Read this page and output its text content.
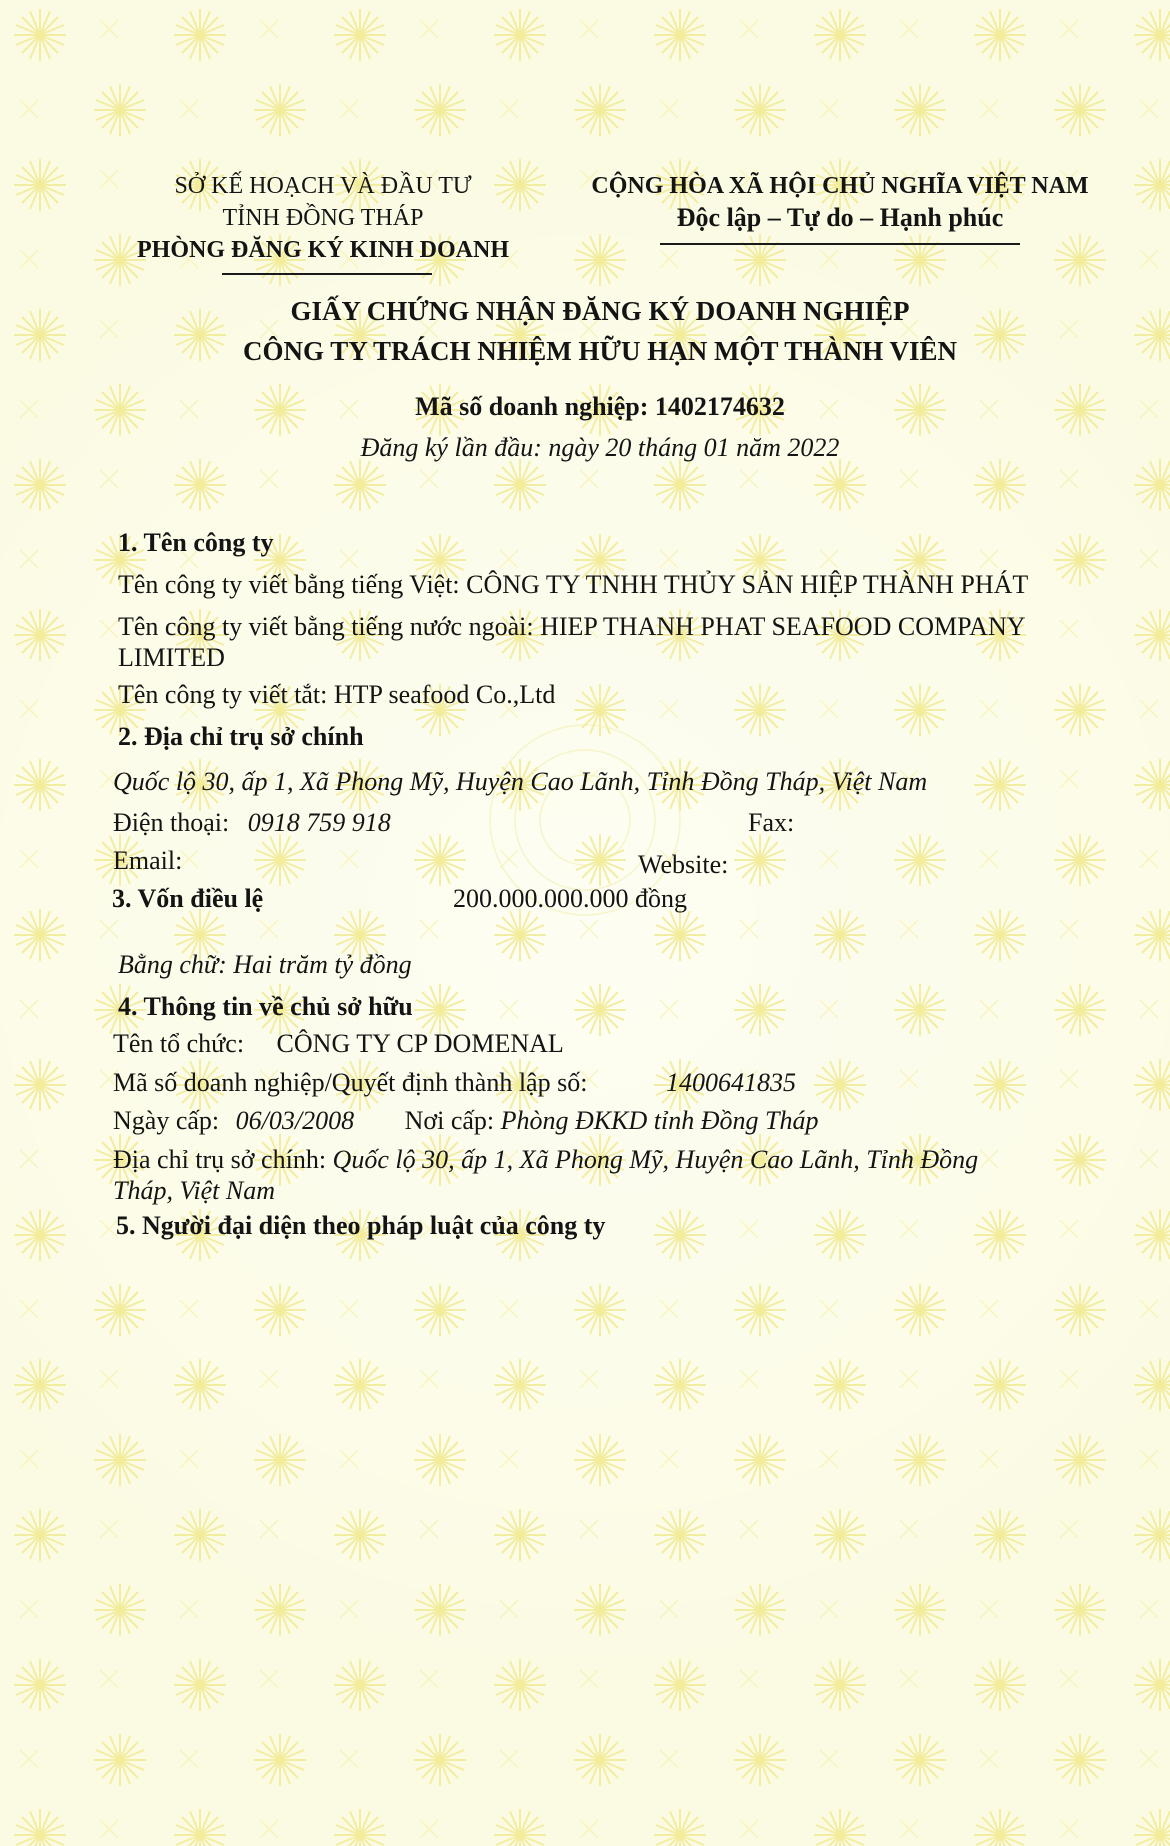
SỞ KẾ HOẠCH VÀ ĐẦU TƯ
TỈNH ĐỒNG THÁP
PHÒNG ĐĂNG KÝ KINH DOANH
CỘNG HÒA XÃ HỘI CHỦ NGHĨA VIỆT NAM
Độc lập – Tự do – Hạnh phúc
GIẤY CHỨNG NHẬN ĐĂNG KÝ DOANH NGHIỆP
CÔNG TY TRÁCH NHIỆM HỮU HẠN MỘT THÀNH VIÊN
Mã số doanh nghiệp: 1402174632
Đăng ký lần đầu: ngày 20 tháng 01 năm 2022
1. Tên công ty
Tên công ty viết bằng tiếng Việt: CÔNG TY TNHH THỦY SẢN HIỆP THÀNH PHÁT
Tên công ty viết bằng tiếng nước ngoài: HIEP THANH PHAT SEAFOOD COMPANY
LIMITED
Tên công ty viết tắt: HTP seafood Co.,Ltd
2. Địa chỉ trụ sở chính
Quốc lộ 30, ấp 1, Xã Phong Mỹ, Huyện Cao Lãnh, Tỉnh Đồng Tháp, Việt Nam
Điện thoại: 0918 759 918	Fax:
Email:	Website:
3. Vốn điều lệ	200.000.000.000 đồng
Bằng chữ: Hai trăm tỷ đồng
4. Thông tin về chủ sở hữu
Tên tổ chức: CÔNG TY CP DOMENAL
Mã số doanh nghiệp/Quyết định thành lập số:	1400641835
Ngày cấp: 06/03/2008 Nơi cấp: Phòng ĐKKD tỉnh Đồng Tháp
Địa chỉ trụ sở chính: Quốc lộ 30, ấp 1, Xã Phong Mỹ, Huyện Cao Lãnh, Tỉnh Đồng
Tháp, Việt Nam
5. Người đại diện theo pháp luật của công ty
